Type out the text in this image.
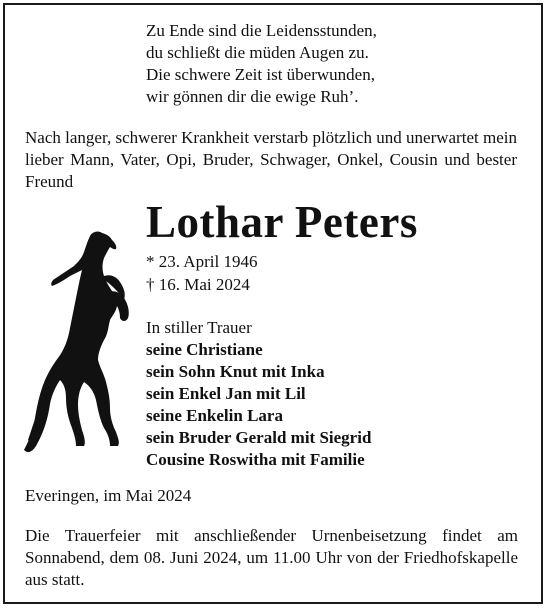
Zu Ende sind die Leidensstunden,
du schließt die müden Augen zu.
Die schwere Zeit ist überwunden,
wir gönnen dir die ewige Ruh’.
Nach langer, schwerer Krankheit verstarb plötzlich und unerwartet mein lieber Mann, Vater, Opi, Bruder, Schwager, Onkel, Cousin und bester Freund
Lothar Peters
* 23. April 1946
† 16. Mai 2024
In stiller Trauer
seine Christiane
sein Sohn Knut mit Inka
sein Enkel Jan mit Lil
seine Enkelin Lara
sein Bruder Gerald mit Siegrid
Cousine Roswitha mit Familie
Everingen, im Mai 2024
Die Trauerfeier mit anschließender Urnenbeisetzung findet am Sonnabend, dem 08. Juni 2024, um 11.00 Uhr von der Friedhofskapelle aus statt.
